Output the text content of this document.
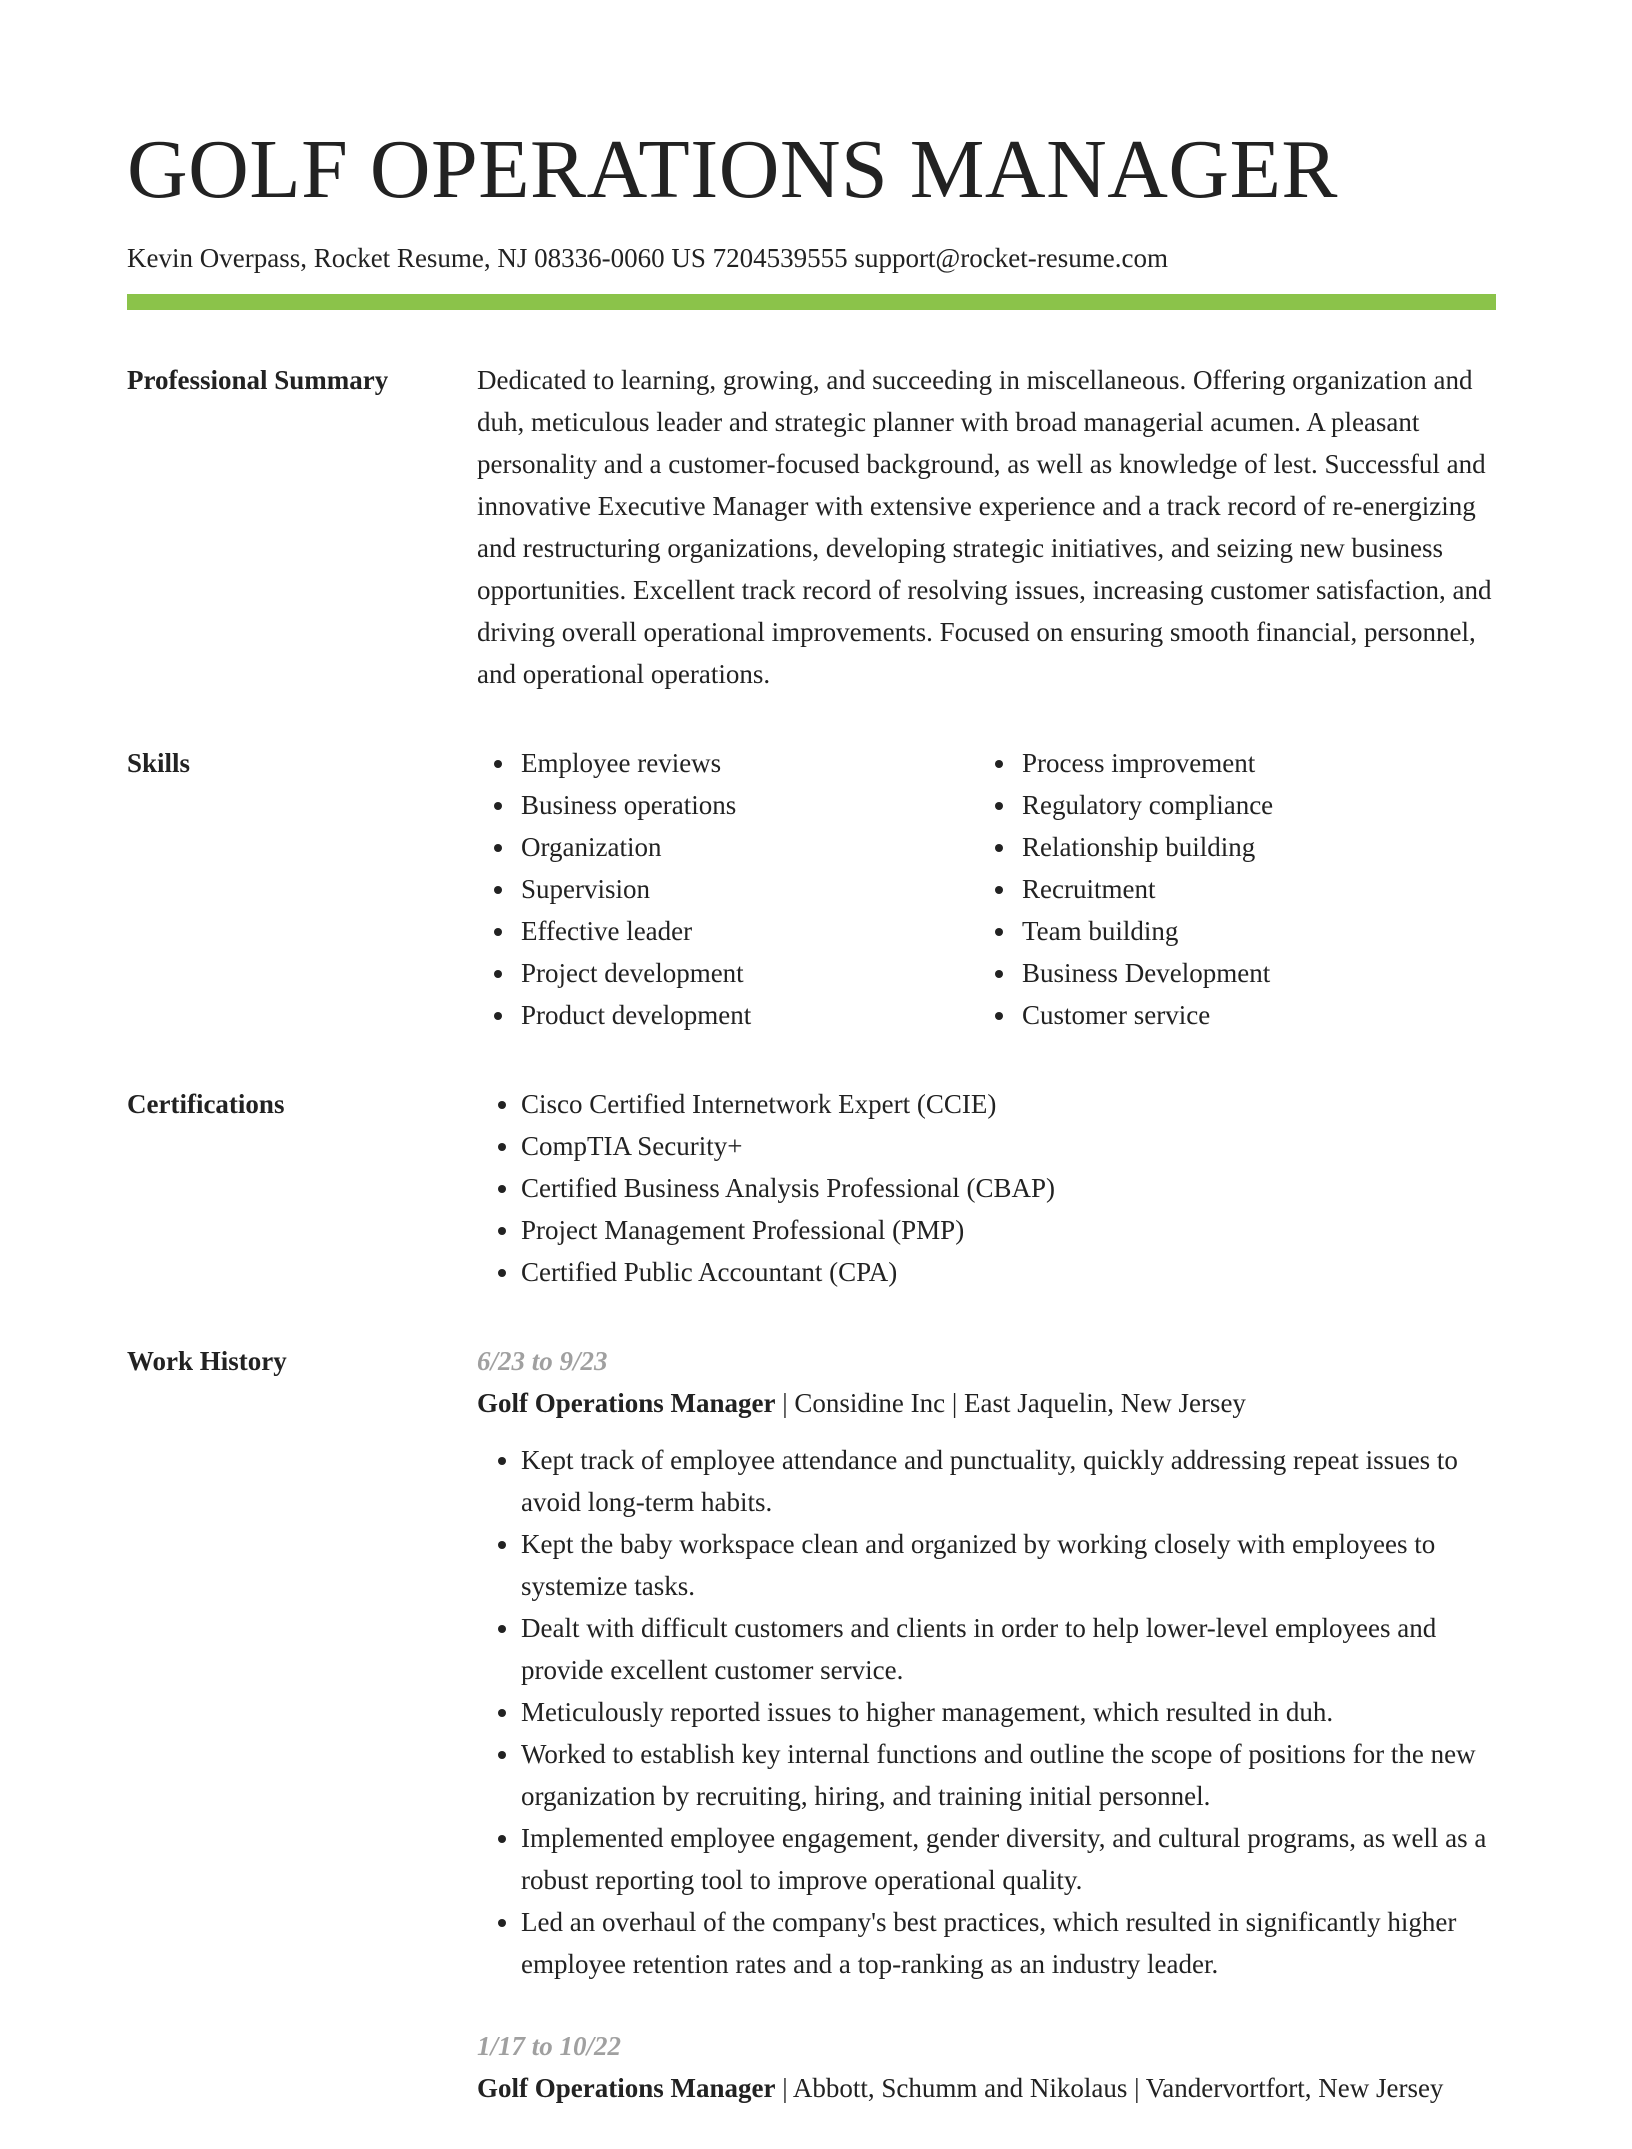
GOLF OPERATIONS MANAGER
Kevin Overpass, Rocket Resume, NJ 08336-0060 US 7204539555 support@rocket-resume.com
Professional Summary	Dedicated to learning, growing, and succeeding in miscellaneous. Offering organization and duh, meticulous leader and strategic planner with broad managerial acumen. A pleasant personality and a customer-focused background, as well as knowledge of lest. Successful and innovative Executive Manager with extensive experience and a track record of re-energizing and restructuring organizations, developing strategic initiatives, and seizing new business opportunities. Excellent track record of resolving issues, increasing customer satisfaction, and driving overall operational improvements. Focused on ensuring smooth financial, personnel, and operational operations.

Skills	Employee reviews	Process improvement
Business operations	Regulatory compliance
Organization	Relationship building
Supervision	Recruitment
Effective leader	Team building
Project development	Business Development
Product development	Customer service
Certifications
•	Cisco Certified Internetwork Expert (CCIE)
• CompTIA Security+
• Certified Business Analysis Professional (CBAP)
• Project Management Professional (PMP)
• Certified Public Accountant (CPA)
Work History	6/23 to 9/23
Golf Operations Manager | Considine Inc | East Jaquelin, New Jersey
• Kept track of employee attendance and punctuality, quickly addressing repeat issues to avoid long-term habits.
• Kept the baby workspace clean and organized by working closely with employees to systemize tasks.
• Dealt with difficult customers and clients in order to help lower-level employees and provide excellent customer service.
• Meticulously reported issues to higher management, which resulted in duh.
• Worked to establish key internal functions and outline the scope of positions for the new organization by recruiting, hiring, and training initial personnel.
• Implemented employee engagement, gender diversity, and cultural programs, as well as a robust reporting tool to improve operational quality.
• Led an overhaul of the company's best practices, which resulted in significantly higher employee retention rates and a top-ranking as an industry leader.
1/17 to 10/22
Golf Operations Manager | Abbott, Schumm and Nikolaus | Vandervortfort, New Jersey
